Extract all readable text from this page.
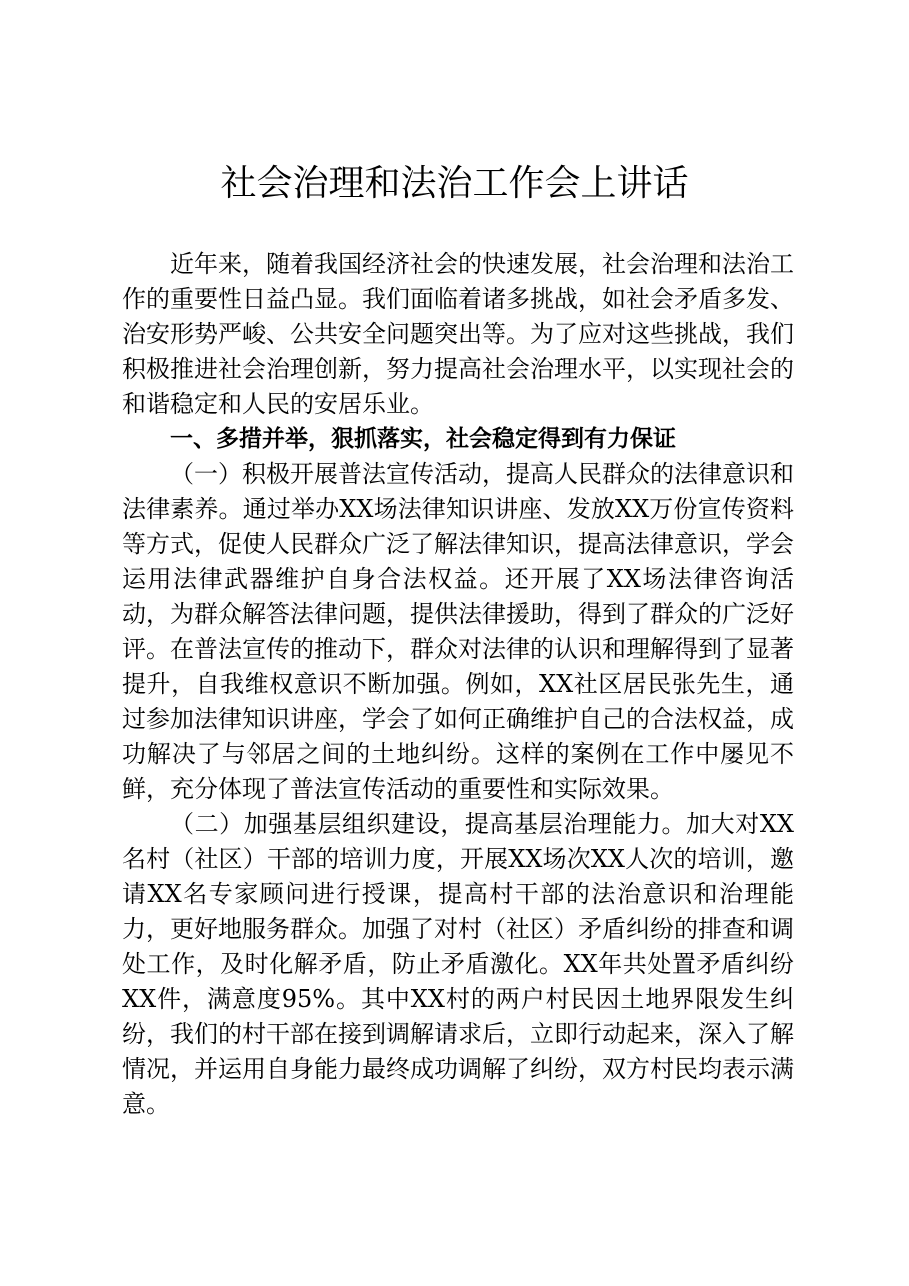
社会治理和法治工作会上讲话

近年来，随着我国经济社会的快速发展，社会治理和法治工作的重要性日益凸显。我们面临着诸多挑战，如社会矛盾多发、治安形势严峻、公共安全问题突出等。为了应对这些挑战，我们积极推进社会治理创新，努力提高社会治理水平，以实现社会的和谐稳定和人民的安居乐业。

一、多措并举，狠抓落实，社会稳定得到有力保证

（一）积极开展普法宣传活动，提高人民群众的法律意识和法律素养。通过举办XX场法律知识讲座、发放XX万份宣传资料等方式，促使人民群众广泛了解法律知识，提高法律意识，学会运用法律武器维护自身合法权益。还开展了XX场法律咨询活动，为群众解答法律问题，提供法律援助，得到了群众的广泛好评。在普法宣传的推动下，群众对法律的认识和理解得到了显著提升，自我维权意识不断加强。例如，XX社区居民张先生，通过参加法律知识讲座，学会了如何正确维护自己的合法权益，成功解决了与邻居之间的土地纠纷。这样的案例在工作中屡见不鲜，充分体现了普法宣传活动的重要性和实际效果。

（二）加强基层组织建设，提高基层治理能力。加大对XX名村（社区）干部的培训力度，开展XX场次XX人次的培训，邀请XX名专家顾问进行授课，提高村干部的法治意识和治理能力，更好地服务群众。加强了对村（社区）矛盾纠纷的排查和调处工作，及时化解矛盾，防止矛盾激化。XX年共处置矛盾纠纷XX件，满意度95%。其中XX村的两户村民因土地界限发生纠纷，我们的村干部在接到调解请求后，立即行动起来，深入了解情况，并运用自身能力最终成功调解了纠纷，双方村民均表示满意。
